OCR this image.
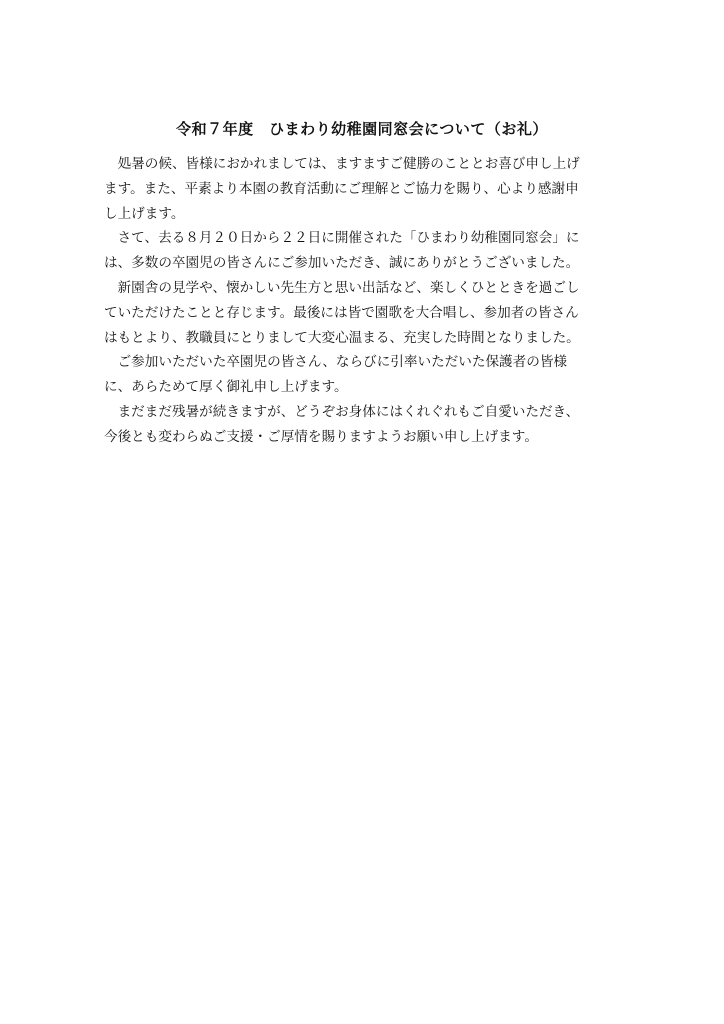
令和７年度　ひまわり幼稚園同窓会について（お礼）
　処暑の候、皆様におかれましては、ますますご健勝のこととお喜び申し上げ
ます。また、平素より本園の教育活動にご理解とご協力を賜り、心より感謝申
し上げます。
　さて、去る８月２０日から２２日に開催された「ひまわり幼稚園同窓会」に
は、多数の卒園児の皆さんにご参加いただき、誠にありがとうございました。
　新園舎の見学や、懐かしい先生方と思い出話など、楽しくひとときを過ごし
ていただけたことと存じます。最後には皆で園歌を大合唱し、参加者の皆さん
はもとより、教職員にとりまして大変心温まる、充実した時間となりました。
　ご参加いただいた卒園児の皆さん、ならびに引率いただいた保護者の皆様
に、あらためて厚く御礼申し上げます。
　まだまだ残暑が続きますが、どうぞお身体にはくれぐれもご自愛いただき、
今後とも変わらぬご支援・ご厚情を賜りますようお願い申し上げます。
